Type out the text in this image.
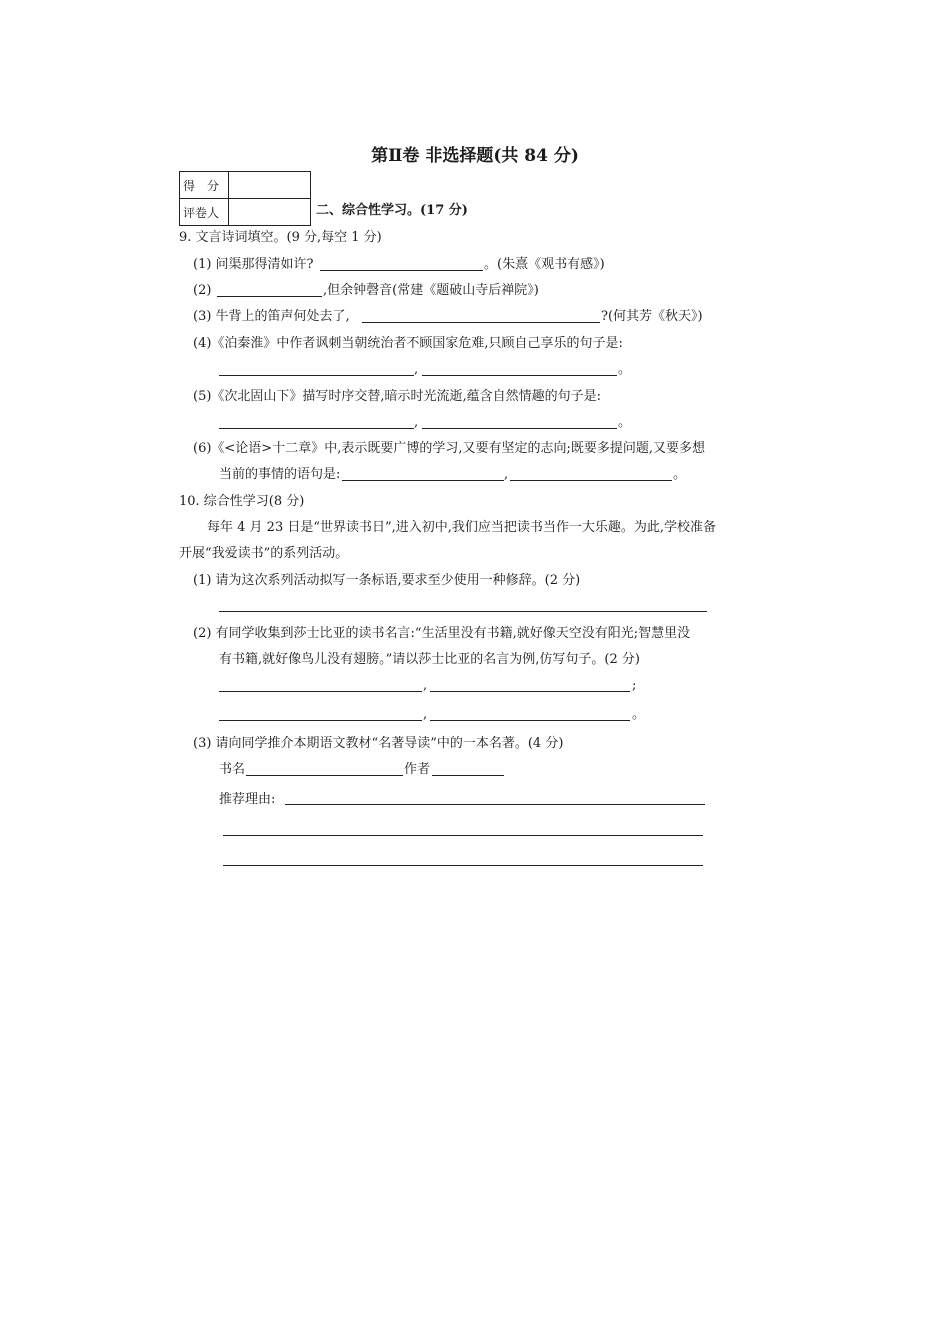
第Ⅱ卷 非选择题(共 84 分)
得　分	
评卷人		二、综合性学习。(17 分)
9. 文言诗词填空。(9 分,每空 1 分)
(1) 问渠那得清如许?	。(朱熹《观书有感》)
(2)	,但余钟磬音(常建《题破山寺后禅院》)
(3) 牛背上的笛声何处去了,	?(何其芳《秋天》)
(4)《泊秦淮》中作者讽刺当朝统治者不顾国家危难,只顾自己享乐的句子是:
,	。
(5)《次北固山下》描写时序交替,暗示时光流逝,蕴含自然情趣的句子是:
,	。
(6)《<论语>十二章》中,表示既要广博的学习,又要有坚定的志向;既要多提问题,又要多想
当前的事情的语句是:	,	。
10. 综合性学习(8 分)
每年 4 月 23 日是“世界读书日”,进入初中,我们应当把读书当作一大乐趣。为此,学校准备
开展“我爱读书”的系列活动。
(1) 请为这次系列活动拟写一条标语,要求至少使用一种修辞。(2 分)
(2) 有同学收集到莎士比亚的读书名言:“生活里没有书籍,就好像天空没有阳光;智慧里没
有书籍,就好像鸟儿没有翅膀。”请以莎士比亚的名言为例,仿写句子。(2 分)
,	;
,	。
(3) 请向同学推介本期语文教材“名著导读”中的一本名著。(4 分)
书名	作者
推荐理由:
